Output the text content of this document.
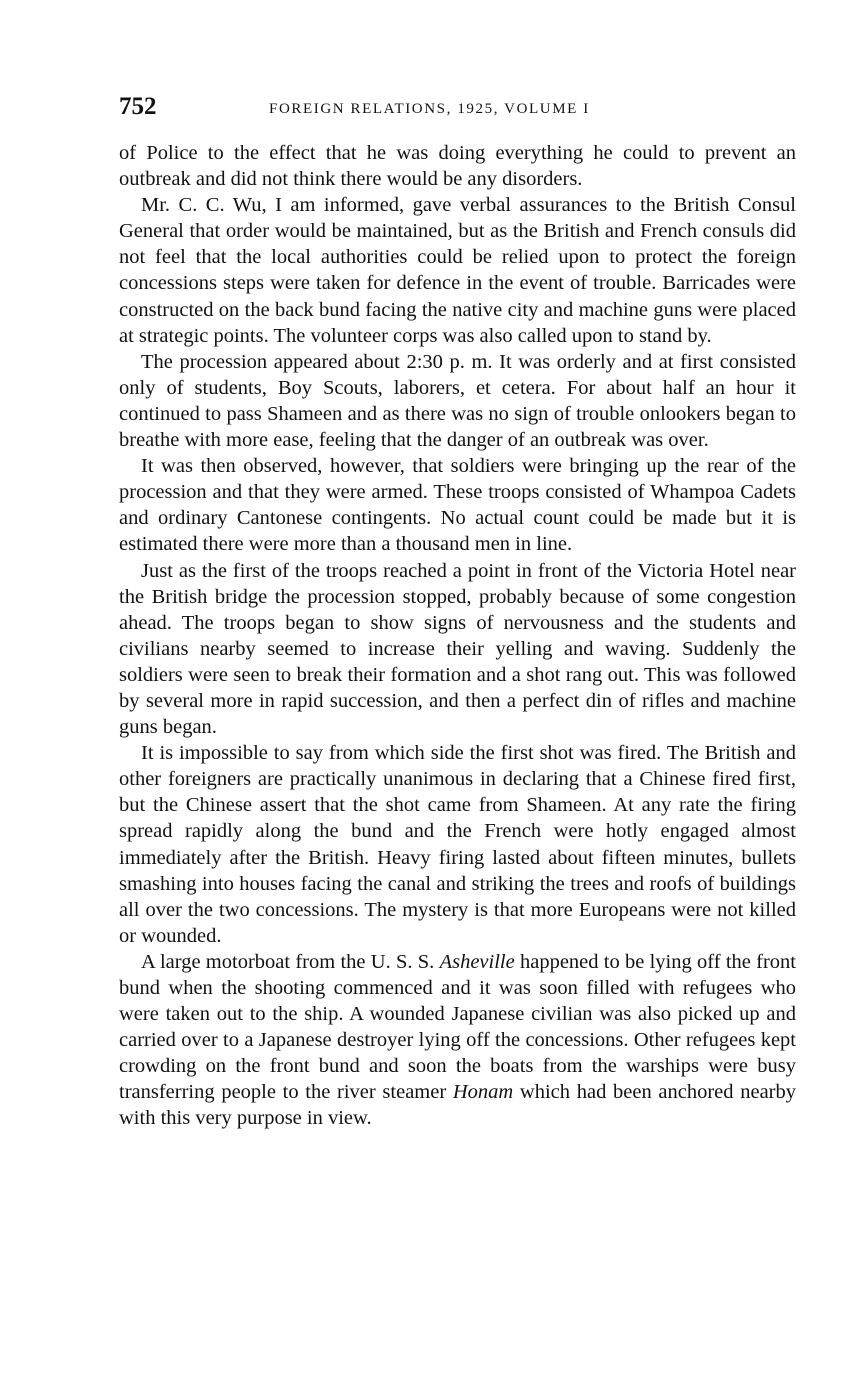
752	FOREIGN RELATIONS, 1925, VOLUME I

of Police to the effect that he was doing everything he could to prevent an outbreak and did not think there would be any disorders.

Mr. C. C. Wu, I am informed, gave verbal assurances to the British Consul General that order would be maintained, but as the British and French consuls did not feel that the local authorities could be relied upon to protect the foreign concessions steps were taken for defence in the event of trouble. Barricades were constructed on the back bund facing the native city and machine guns were placed at strategic points. The volunteer corps was also called upon to stand by.

The procession appeared about 2:30 p. m. It was orderly and at first consisted only of students, Boy Scouts, laborers, et cetera. For about half an hour it continued to pass Shameen and as there was no sign of trouble onlookers began to breathe with more ease, feeling that the danger of an outbreak was over.

It was then observed, however, that soldiers were bringing up the rear of the procession and that they were armed. These troops consisted of Whampoa Cadets and ordinary Cantonese contingents. No actual count could be made but it is estimated there were more than a thousand men in line.

Just as the first of the troops reached a point in front of the Victoria Hotel near the British bridge the procession stopped, probably because of some congestion ahead. The troops began to show signs of nervousness and the students and civilians nearby seemed to increase their yelling and waving. Suddenly the soldiers were seen to break their formation and a shot rang out. This was followed by several more in rapid succession, and then a perfect din of rifles and machine guns began.

It is impossible to say from which side the first shot was fired. The British and other foreigners are practically unanimous in declaring that a Chinese fired first, but the Chinese assert that the shot came from Shameen. At any rate the firing spread rapidly along the bund and the French were hotly engaged almost immediately after the British. Heavy firing lasted about fifteen minutes, bullets smashing into houses facing the canal and striking the trees and roofs of buildings all over the two concessions. The mystery is that more Europeans were not killed or wounded.

A large motorboat from the U. S. S. Asheville happened to be lying off the front bund when the shooting commenced and it was soon filled with refugees who were taken out to the ship. A wounded Japanese civilian was also picked up and carried over to a Japanese destroyer lying off the concessions. Other refugees kept crowding on the front bund and soon the boats from the warships were busy transferring people to the river steamer Honam which had been anchored nearby with this very purpose in view.
